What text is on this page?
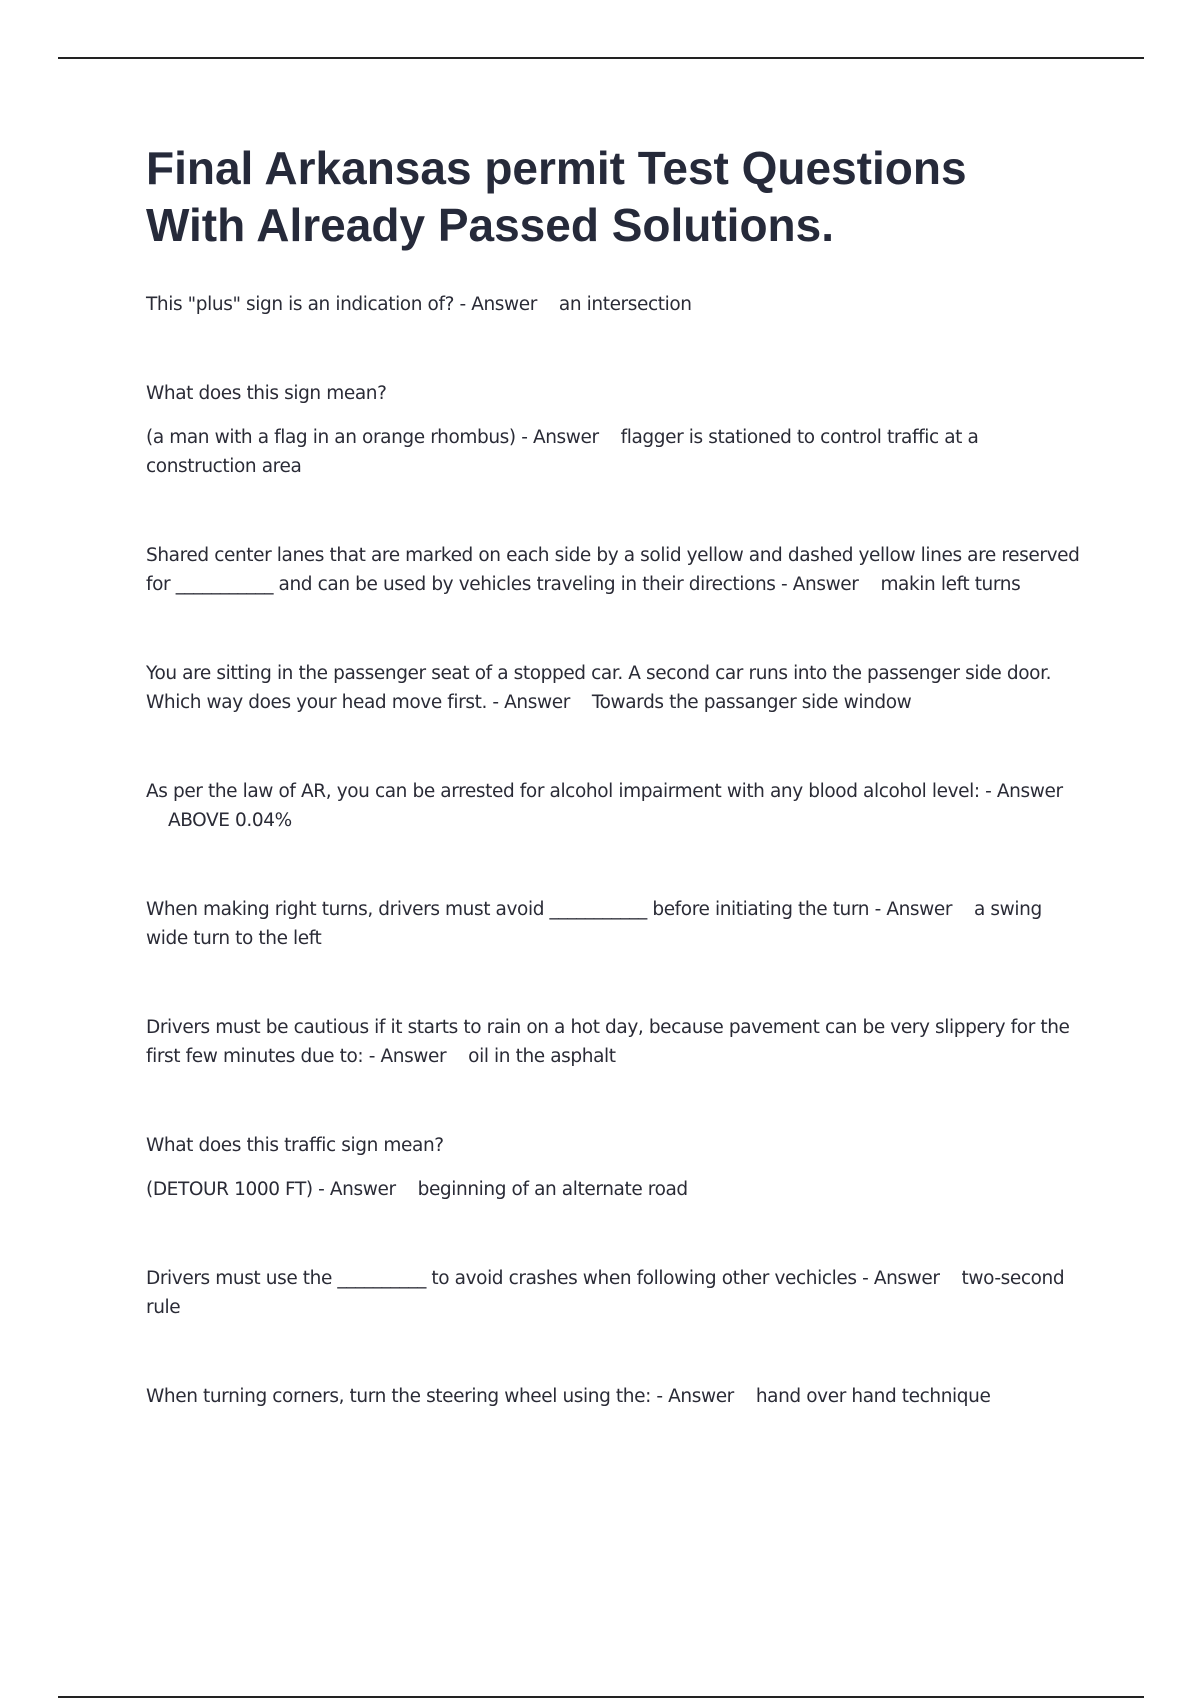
Final Arkansas permit Test Questions
With Already Passed Solutions.

This "plus" sign is an indication of? - Answer an intersection

What does this sign mean?

(a man with a flag in an orange rhombus) - Answer flagger is stationed to control traffic at a construction area

Shared center lanes that are marked on each side by a solid yellow and dashed yellow lines are reserved for ___________ and can be used by vehicles traveling in their directions - Answer makin left turns

You are sitting in the passenger seat of a stopped car. A second car runs into the passenger side door. Which way does your head move first. - Answer Towards the passanger side window

As per the law of AR, you can be arrested for alcohol impairment with any blood alcohol level: - Answer    ABOVE 0.04%

When making right turns, drivers must avoid ___________ before initiating the turn - Answer a swing wide turn to the left

Drivers must be cautious if it starts to rain on a hot day, because pavement can be very slippery for the first few minutes due to: - Answer oil in the asphalt

What does this traffic sign mean?

(DETOUR 1000 FT) - Answer beginning of an alternate road

Drivers must use the __________ to avoid crashes when following other vechicles - Answer two-second rule

When turning corners, turn the steering wheel using the: - Answer hand over hand technique
